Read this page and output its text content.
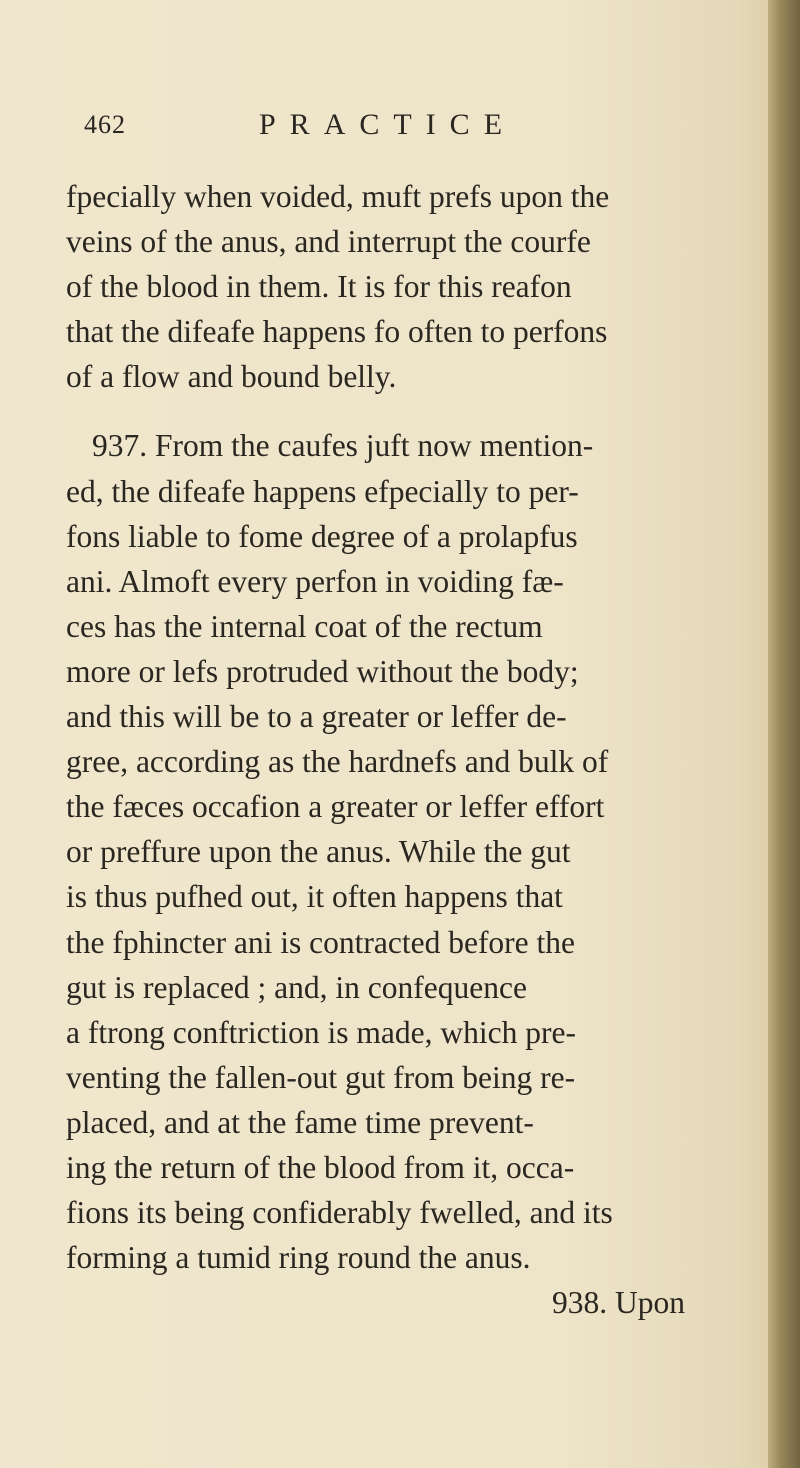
462	PRACTICE
fpecially when voided, muft prefs upon the
veins of the anus, and interrupt the courfe
of the blood in them. It is for this reafon
that the difeafe happens fo often to perfons
of a flow and bound belly.
937. From the caufes juft now mention-
ed, the difeafe happens efpecially to per-
fons liable to fome degree of a prolapfus
ani. Almoft every perfon in voiding fæ-
ces has the internal coat of the rectum
more or lefs protruded without the body;
and this will be to a greater or leffer de-
gree, according as the hardnefs and bulk of
the fæces occafion a greater or leffer effort
or preffure upon the anus. While the gut
is thus pufhed out, it often happens that
the fphincter ani is contracted before the
gut is replaced ; and, in confequence
a ftrong conftriction is made, which pre-
venting the fallen-out gut from being re-
placed, and at the fame time prevent-
ing the return of the blood from it, occa-
fions its being confiderably fwelled, and its
forming a tumid ring round the anus.
938. Upon
